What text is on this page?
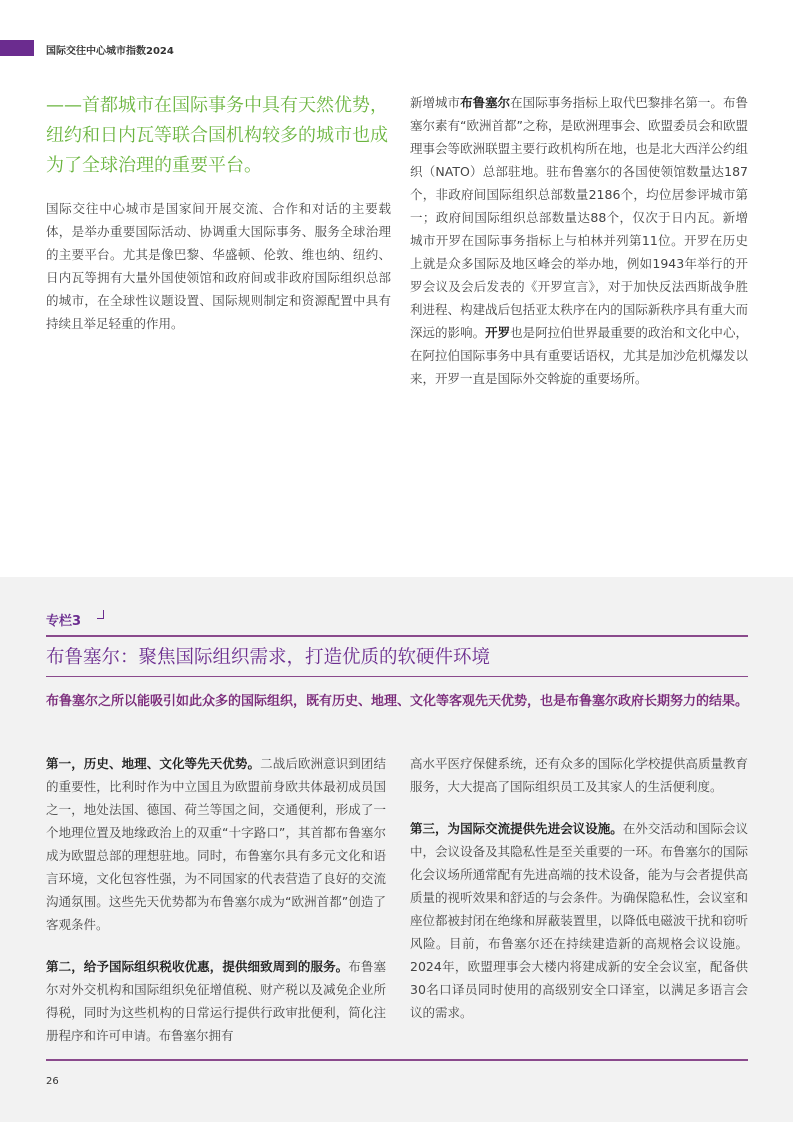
国际交往中心城市指数2024
——首都城市在国际事务中具有天然优势，纽约和日内瓦等联合国机构较多的城市也成为了全球治理的重要平台。
国际交往中心城市是国家间开展交流、合作和对话的主要载体，是举办重要国际活动、协调重大国际事务、服务全球治理的主要平台。尤其是像巴黎、华盛顿、伦敦、维也纳、纽约、日内瓦等拥有大量外国使领馆和政府间或非政府国际组织总部的城市，在全球性议题设置、国际规则制定和资源配置中具有持续且举足轻重的作用。
新增城市布鲁塞尔在国际事务指标上取代巴黎排名第一。布鲁塞尔素有“欧洲首都”之称，是欧洲理事会、欧盟委员会和欧盟理事会等欧洲联盟主要行政机构所在地，也是北大西洋公约组织（NATO）总部驻地。驻布鲁塞尔的各国使领馆数量达187个，非政府间国际组织总部数量2186个，均位居参评城市第一；政府间国际组织总部数量达88个，仅次于日内瓦。新增城市开罗在国际事务指标上与柏林并列第11位。开罗在历史上就是众多国际及地区峰会的举办地，例如1943年举行的开罗会议及会后发表的《开罗宣言》，对于加快反法西斯战争胜利进程、构建战后包括亚太秩序在内的国际新秩序具有重大而深远的影响。开罗也是阿拉伯世界最重要的政治和文化中心，在阿拉伯国际事务中具有重要话语权，尤其是加沙危机爆发以来，开罗一直是国际外交斡旋的重要场所。
专栏3
布鲁塞尔：聚焦国际组织需求，打造优质的软硬件环境
布鲁塞尔之所以能吸引如此众多的国际组织，既有历史、地理、文化等客观先天优势，也是布鲁塞尔政府长期努力的结果。

第一，历史、地理、文化等先天优势。二战后欧洲意识到团结的重要性，比利时作为中立国且为欧盟前身欧共体最初成员国之一，地处法国、德国、荷兰等国之间，交通便利，形成了一个地理位置及地缘政治上的双重“十字路口”，其首都布鲁塞尔成为欧盟总部的理想驻地。同时，布鲁塞尔具有多元文化和语言环境，文化包容性强，为不同国家的代表营造了良好的交流沟通氛围。这些先天优势都为布鲁塞尔成为“欧洲首都”创造了客观条件。

第二，给予国际组织税收优惠，提供细致周到的服务。布鲁塞尔对外交机构和国际组织免征增值税、财产税以及减免企业所得税，同时为这些机构的日常运行提供行政审批便利，简化注册程序和许可申请。布鲁塞尔拥有

高水平医疗保健系统，还有众多的国际化学校提供高质量教育服务，大大提高了国际组织员工及其家人的生活便利度。

第三，为国际交流提供先进会议设施。在外交活动和国际会议中，会议设备及其隐私性是至关重要的一环。布鲁塞尔的国际化会议场所通常配有先进高端的技术设备，能为与会者提供高质量的视听效果和舒适的与会条件。为确保隐私性，会议室和座位都被封闭在绝缘和屏蔽装置里，以降低电磁波干扰和窃听风险。目前，布鲁塞尔还在持续建造新的高规格会议设施。2024年，欧盟理事会大楼内将建成新的安全会议室，配备供30名口译员同时使用的高级别安全口译室，以满足多语言会议的需求。

26
